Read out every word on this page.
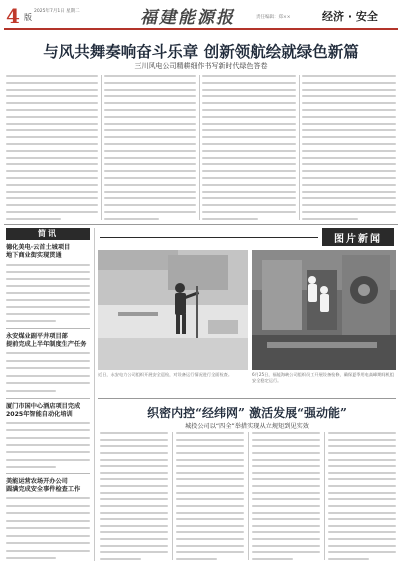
4 版
2025年7月1日 星期二	福建能源报	责任编辑：郑××	经济 · 安全
与风共舞奏响奋斗乐章 创新领航绘就绿色新篇
三川风电公司精耕细作书写新时代绿色答卷
简讯
德化美电·云首土城项目
地下商业街实现贯通
永安煤业副平井项目部
提前完成上半年制度生产任务
厦门市国中心酒店项目完成
2025年智能自动化培训
美能运营农场开办公司
圆满完成安全事件检查工作
图片新闻
近日，永安电力公司组织开展安全巡检，对设备运行情况进行全面检查。	6月25日，福能海峡公司组织员工开展设备检修，确保夏季用电高峰期间机组安全稳定运行。
织密内控“经纬网” 激活发展“强动能”
城投公司以“四全”举措实现从立规矩到见实效
